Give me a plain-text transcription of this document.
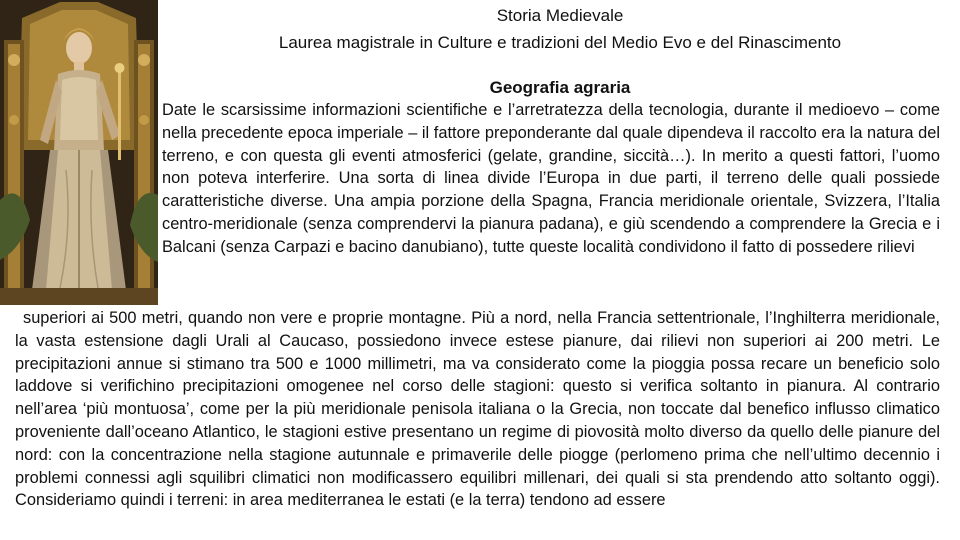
Storia Medievale
Laurea magistrale in Culture e tradizioni del Medio Evo e del Rinascimento
Geografia agraria

Date le scarsissime informazioni scientifiche e l’arretratezza della tecnologia, durante il medioevo – come nella precedente epoca imperiale – il fattore preponderante dal quale dipendeva il raccolto era la natura del terreno, e con questa gli eventi atmosferici (gelate, grandine, siccità…). In merito a questi fattori, l’uomo non poteva interferire. Una sorta di linea divide l’Europa in due parti, il terreno delle quali possiede caratteristiche diverse. Una ampia porzione della Spagna, Francia meridionale orientale, Svizzera, l’Italia centro-meridionale (senza comprendervi la pianura padana), e giù scendendo a comprendere la Grecia e i Balcani (senza Carpazi e bacino danubiano), tutte queste località condividono il fatto di possedere rilievi

superiori ai 500 metri, quando non vere e proprie montagne. Più a nord, nella Francia settentrionale, l’Inghilterra meridionale, la vasta estensione dagli Urali al Caucaso, possiedono invece estese pianure, dai rilievi non superiori ai 200 metri. Le precipitazioni annue si stimano tra 500 e 1000 millimetri, ma va considerato come la pioggia possa recare un beneficio solo laddove si verifichino precipitazioni omogenee nel corso delle stagioni: questo si verifica soltanto in pianura. Al contrario nell’area ‘più montuosa’, come per la più meridionale penisola italiana o la Grecia, non toccate dal benefico influsso climatico proveniente dall’oceano Atlantico, le stagioni estive presentano un regime di piovosità molto diverso da quello delle pianure del nord: con la concentrazione nella stagione autunnale e primaverile delle piogge (perlomeno prima che nell’ultimo decennio i problemi connessi agli squilibri climatici non modificassero equilibri millenari, dei quali si sta prendendo atto soltanto oggi). Consideriamo quindi i terreni: in area mediterranea le estati (e la terra) tendono ad essere
